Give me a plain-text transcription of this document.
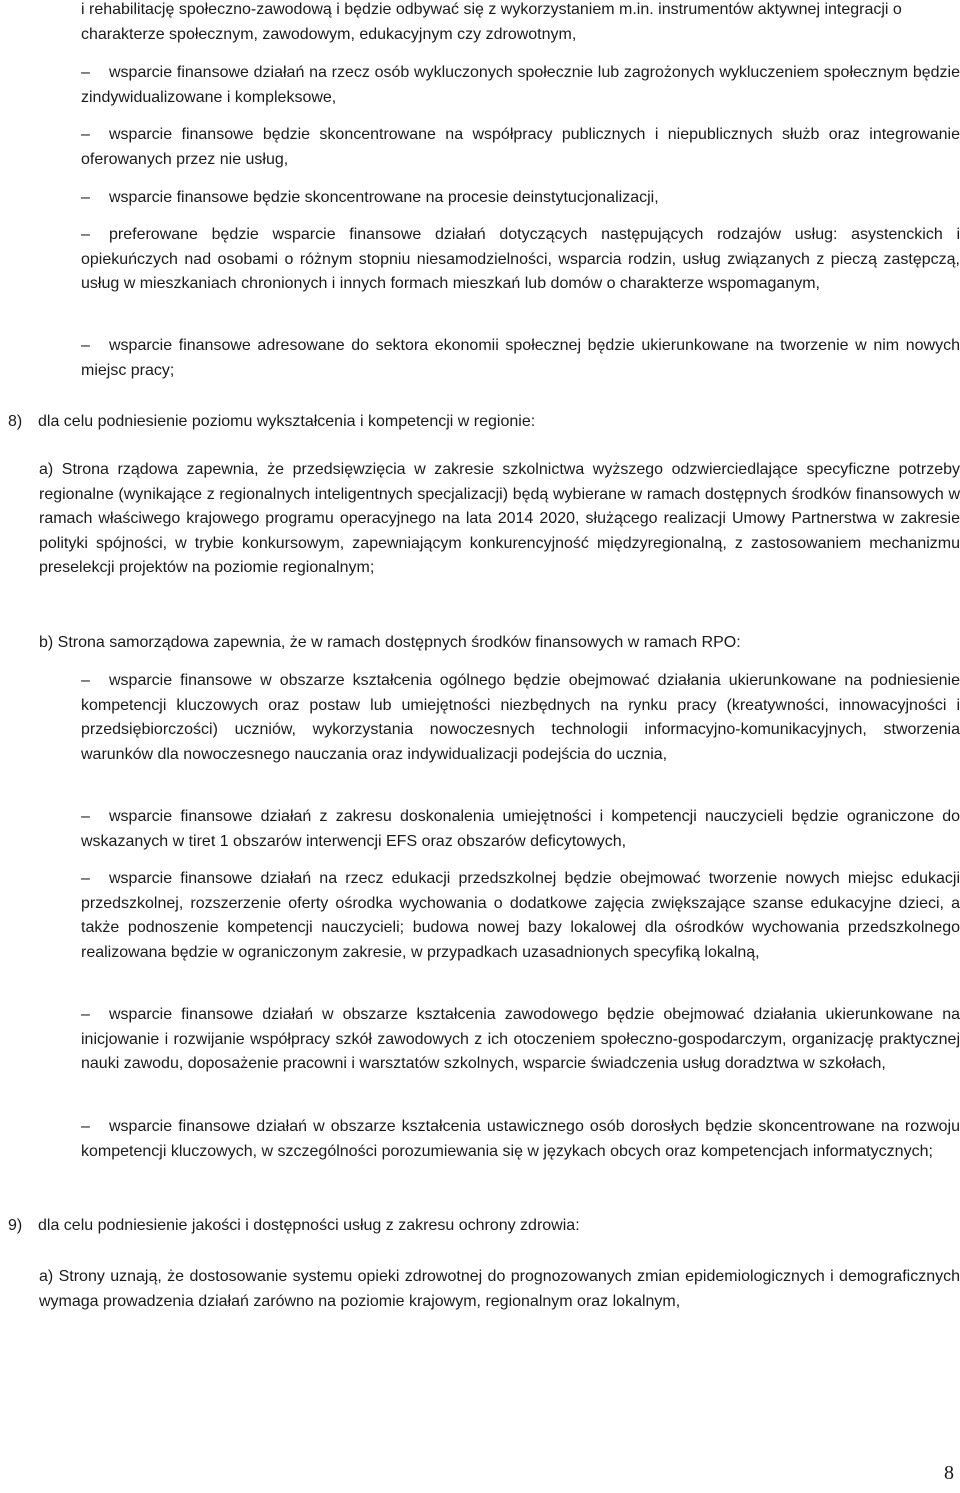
i rehabilitację społeczno-zawodową i będzie odbywać się z wykorzystaniem m.in. instrumentów aktywnej integracji o charakterze społecznym, zawodowym, edukacyjnym czy zdrowotnym,
– wsparcie finansowe działań na rzecz osób wykluczonych społecznie lub zagrożonych wykluczeniem społecznym będzie zindywidualizowane i kompleksowe,
– wsparcie finansowe będzie skoncentrowane na współpracy publicznych i niepublicznych służb oraz integrowanie oferowanych przez nie usług,
– wsparcie finansowe będzie skoncentrowane na procesie deinstytucjonalizacji,
– preferowane będzie wsparcie finansowe działań dotyczących następujących rodzajów usług: asystenckich i opiekuńczych nad osobami o różnym stopniu niesamodzielności, wsparcia rodzin, usług związanych z pieczą zastępczą, usług w mieszkaniach chronionych i innych formach mieszkań lub domów o charakterze wspomaganym,
– wsparcie finansowe adresowane do sektora ekonomii społecznej będzie ukierunkowane na tworzenie w nim nowych miejsc pracy;
8) dla celu podniesienie poziomu wykształcenia i kompetencji w regionie:
a) Strona rządowa zapewnia, że przedsięwzięcia w zakresie szkolnictwa wyższego odzwierciedlające specyficzne potrzeby regionalne (wynikające z regionalnych inteligentnych specjalizacji) będą wybierane w ramach dostępnych środków finansowych w ramach właściwego krajowego programu operacyjnego na lata 2014 2020, służącego realizacji Umowy Partnerstwa w zakresie polityki spójności, w trybie konkursowym, zapewniającym konkurencyjność międzyregionalną, z zastosowaniem mechanizmu preselekcji projektów na poziomie regionalnym;
b) Strona samorządowa zapewnia, że w ramach dostępnych środków finansowych w ramach RPO:
– wsparcie finansowe w obszarze kształcenia ogólnego będzie obejmować działania ukierunkowane na podniesienie kompetencji kluczowych oraz postaw lub umiejętności niezbędnych na rynku pracy (kreatywności, innowacyjności i przedsiębiorczości) uczniów, wykorzystania nowoczesnych technologii informacyjno-komunikacyjnych, stworzenia warunków dla nowoczesnego nauczania oraz indywidualizacji podejścia do ucznia,
– wsparcie finansowe działań z zakresu doskonalenia umiejętności i kompetencji nauczycieli będzie ograniczone do wskazanych w tiret 1 obszarów interwencji EFS oraz obszarów deficytowych,
– wsparcie finansowe działań na rzecz edukacji przedszkolnej będzie obejmować tworzenie nowych miejsc edukacji przedszkolnej, rozszerzenie oferty ośrodka wychowania o dodatkowe zajęcia zwiększające szanse edukacyjne dzieci, a także podnoszenie kompetencji nauczycieli; budowa nowej bazy lokalowej dla ośrodków wychowania przedszkolnego realizowana będzie w ograniczonym zakresie, w przypadkach uzasadnionych specyfiką lokalną,
– wsparcie finansowe działań w obszarze kształcenia zawodowego będzie obejmować działania ukierunkowane na inicjowanie i rozwijanie współpracy szkół zawodowych z ich otoczeniem społeczno-gospodarczym, organizację praktycznej nauki zawodu, doposażenie pracowni i warsztatów szkolnych, wsparcie świadczenia usług doradztwa w szkołach,
– wsparcie finansowe działań w obszarze kształcenia ustawicznego osób dorosłych będzie skoncentrowane na rozwoju kompetencji kluczowych, w szczególności porozumiewania się w językach obcych oraz kompetencjach informatycznych;
9) dla celu podniesienie jakości i dostępności usług z zakresu ochrony zdrowia:
a) Strony uznają, że dostosowanie systemu opieki zdrowotnej do prognozowanych zmian epidemiologicznych i demograficznych wymaga prowadzenia działań zarówno na poziomie krajowym, regionalnym oraz lokalnym,
8
